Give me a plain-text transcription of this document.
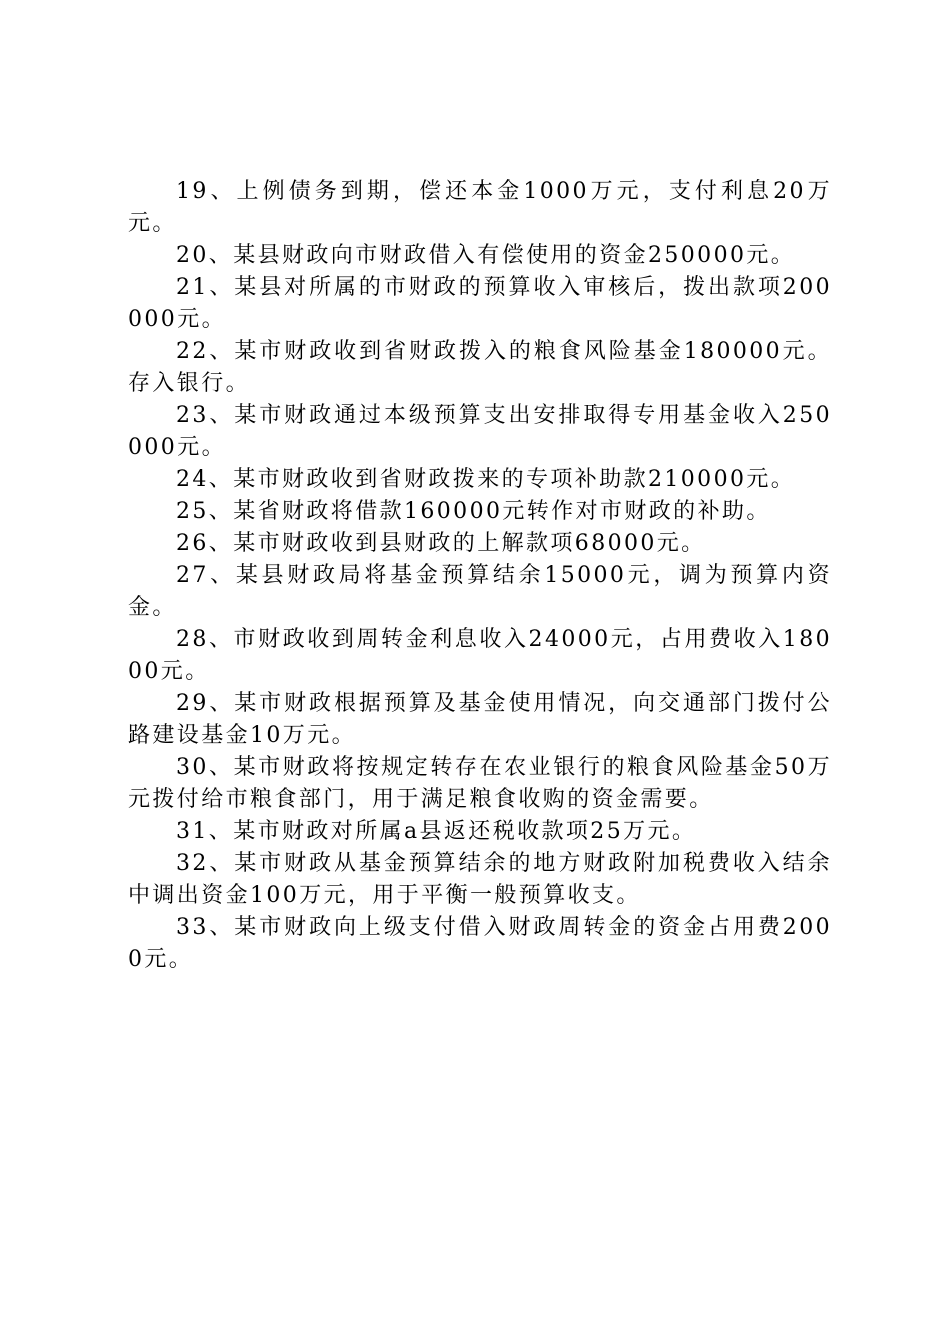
19、上例债务到期，偿还本金1000万元，支付利息20万元。

20、某县财政向市财政借入有偿使用的资金250000元。

21、某县对所属的市财政的预算收入审核后，拨出款项200000元。

22、某市财政收到省财政拨入的粮食风险基金180000元。存入银行。

23、某市财政通过本级预算支出安排取得专用基金收入250000元。

24、某市财政收到省财政拨来的专项补助款210000元。

25、某省财政将借款160000元转作对市财政的补助。

26、某市财政收到县财政的上解款项68000元。

27、某县财政局将基金预算结余15000元，调为预算内资金。

28、市财政收到周转金利息收入24000元，占用费收入18000元。

29、某市财政根据预算及基金使用情况，向交通部门拨付公路建设基金10万元。

30、某市财政将按规定转存在农业银行的粮食风险基金50万元拨付给市粮食部门，用于满足粮食收购的资金需要。

31、某市财政对所属a县返还税收款项25万元。

32、某市财政从基金预算结余的地方财政附加税费收入结余中调出资金100万元，用于平衡一般预算收支。

33、某市财政向上级支付借入财政周转金的资金占用费2000元。
